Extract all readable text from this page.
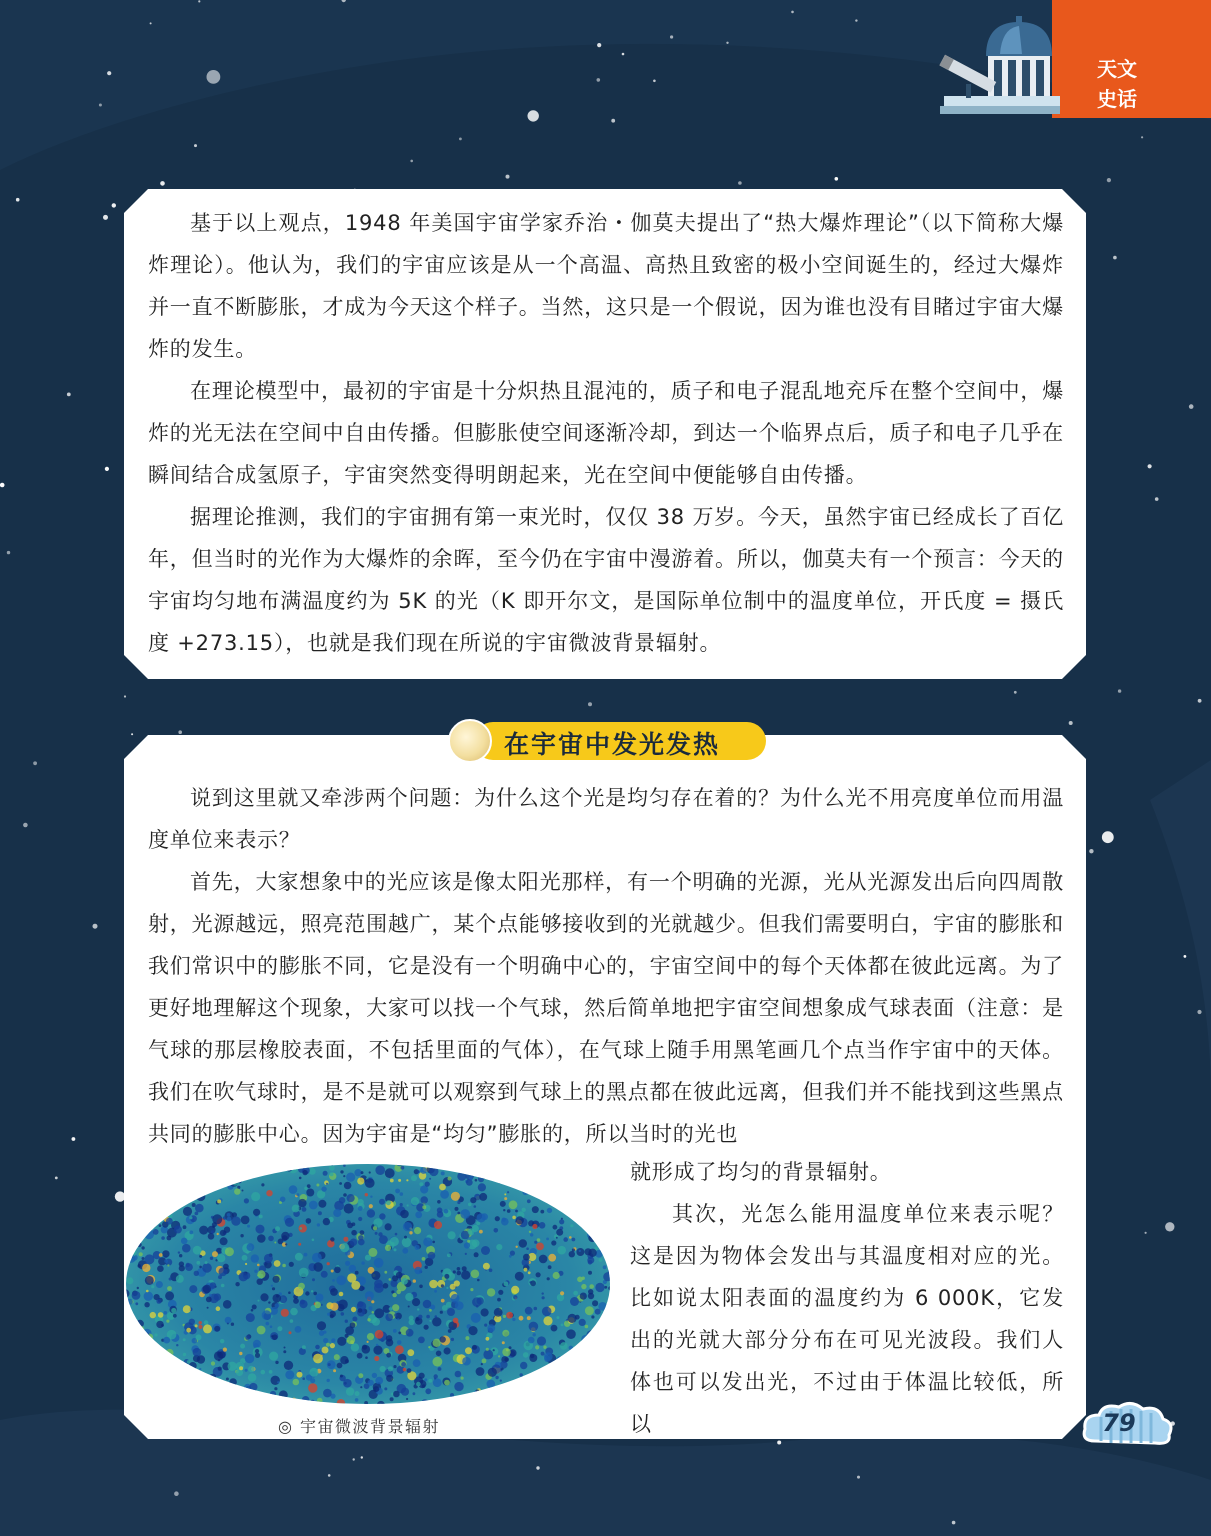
天文
史话

基于以上观点，1948 年美国宇宙学家乔治・伽莫夫提出了“热大爆炸理论”（以下简称大爆炸理论）。他认为，我们的宇宙应该是从一个高温、高热且致密的极小空间诞生的，经过大爆炸并一直不断膨胀，才成为今天这个样子。当然，这只是一个假说，因为谁也没有目睹过宇宙大爆炸的发生。

在理论模型中，最初的宇宙是十分炽热且混沌的，质子和电子混乱地充斥在整个空间中，爆炸的光无法在空间中自由传播。但膨胀使空间逐渐冷却，到达一个临界点后，质子和电子几乎在瞬间结合成氢原子，宇宙突然变得明朗起来，光在空间中便能够自由传播。

据理论推测，我们的宇宙拥有第一束光时，仅仅 38 万岁。今天，虽然宇宙已经成长了百亿年，但当时的光作为大爆炸的余晖，至今仍在宇宙中漫游着。所以，伽莫夫有一个预言：今天的宇宙均匀地布满温度约为 5K 的光（K 即开尔文，是国际单位制中的温度单位，开氏度 = 摄氏度 +273.15），也就是我们现在所说的宇宙微波背景辐射。

在宇宙中发光发热

说到这里就又牵涉两个问题：为什么这个光是均匀存在着的？为什么光不用亮度单位而用温度单位来表示？

首先，大家想象中的光应该是像太阳光那样，有一个明确的光源，光从光源发出后向四周散射，光源越远，照亮范围越广，某个点能够接收到的光就越少。但我们需要明白，宇宙的膨胀和我们常识中的膨胀不同，它是没有一个明确中心的，宇宙空间中的每个天体都在彼此远离。为了更好地理解这个现象，大家可以找一个气球，然后简单地把宇宙空间想象成气球表面（注意：是气球的那层橡胶表面，不包括里面的气体），在气球上随手用黑笔画几个点当作宇宙中的天体。我们在吹气球时，是不是就可以观察到气球上的黑点都在彼此远离，但我们并不能找到这些黑点共同的膨胀中心。因为宇宙是“均匀”膨胀的，所以当时的光也

就形成了均匀的背景辐射。

其次，光怎么能用温度单位来表示呢？这是因为物体会发出与其温度相对应的光。比如说太阳表面的温度约为 6 000K，它发出的光就大部分分布在可见光波段。我们人体也可以发出光，不过由于体温比较低，所以

◎ 宇宙微波背景辐射	79
